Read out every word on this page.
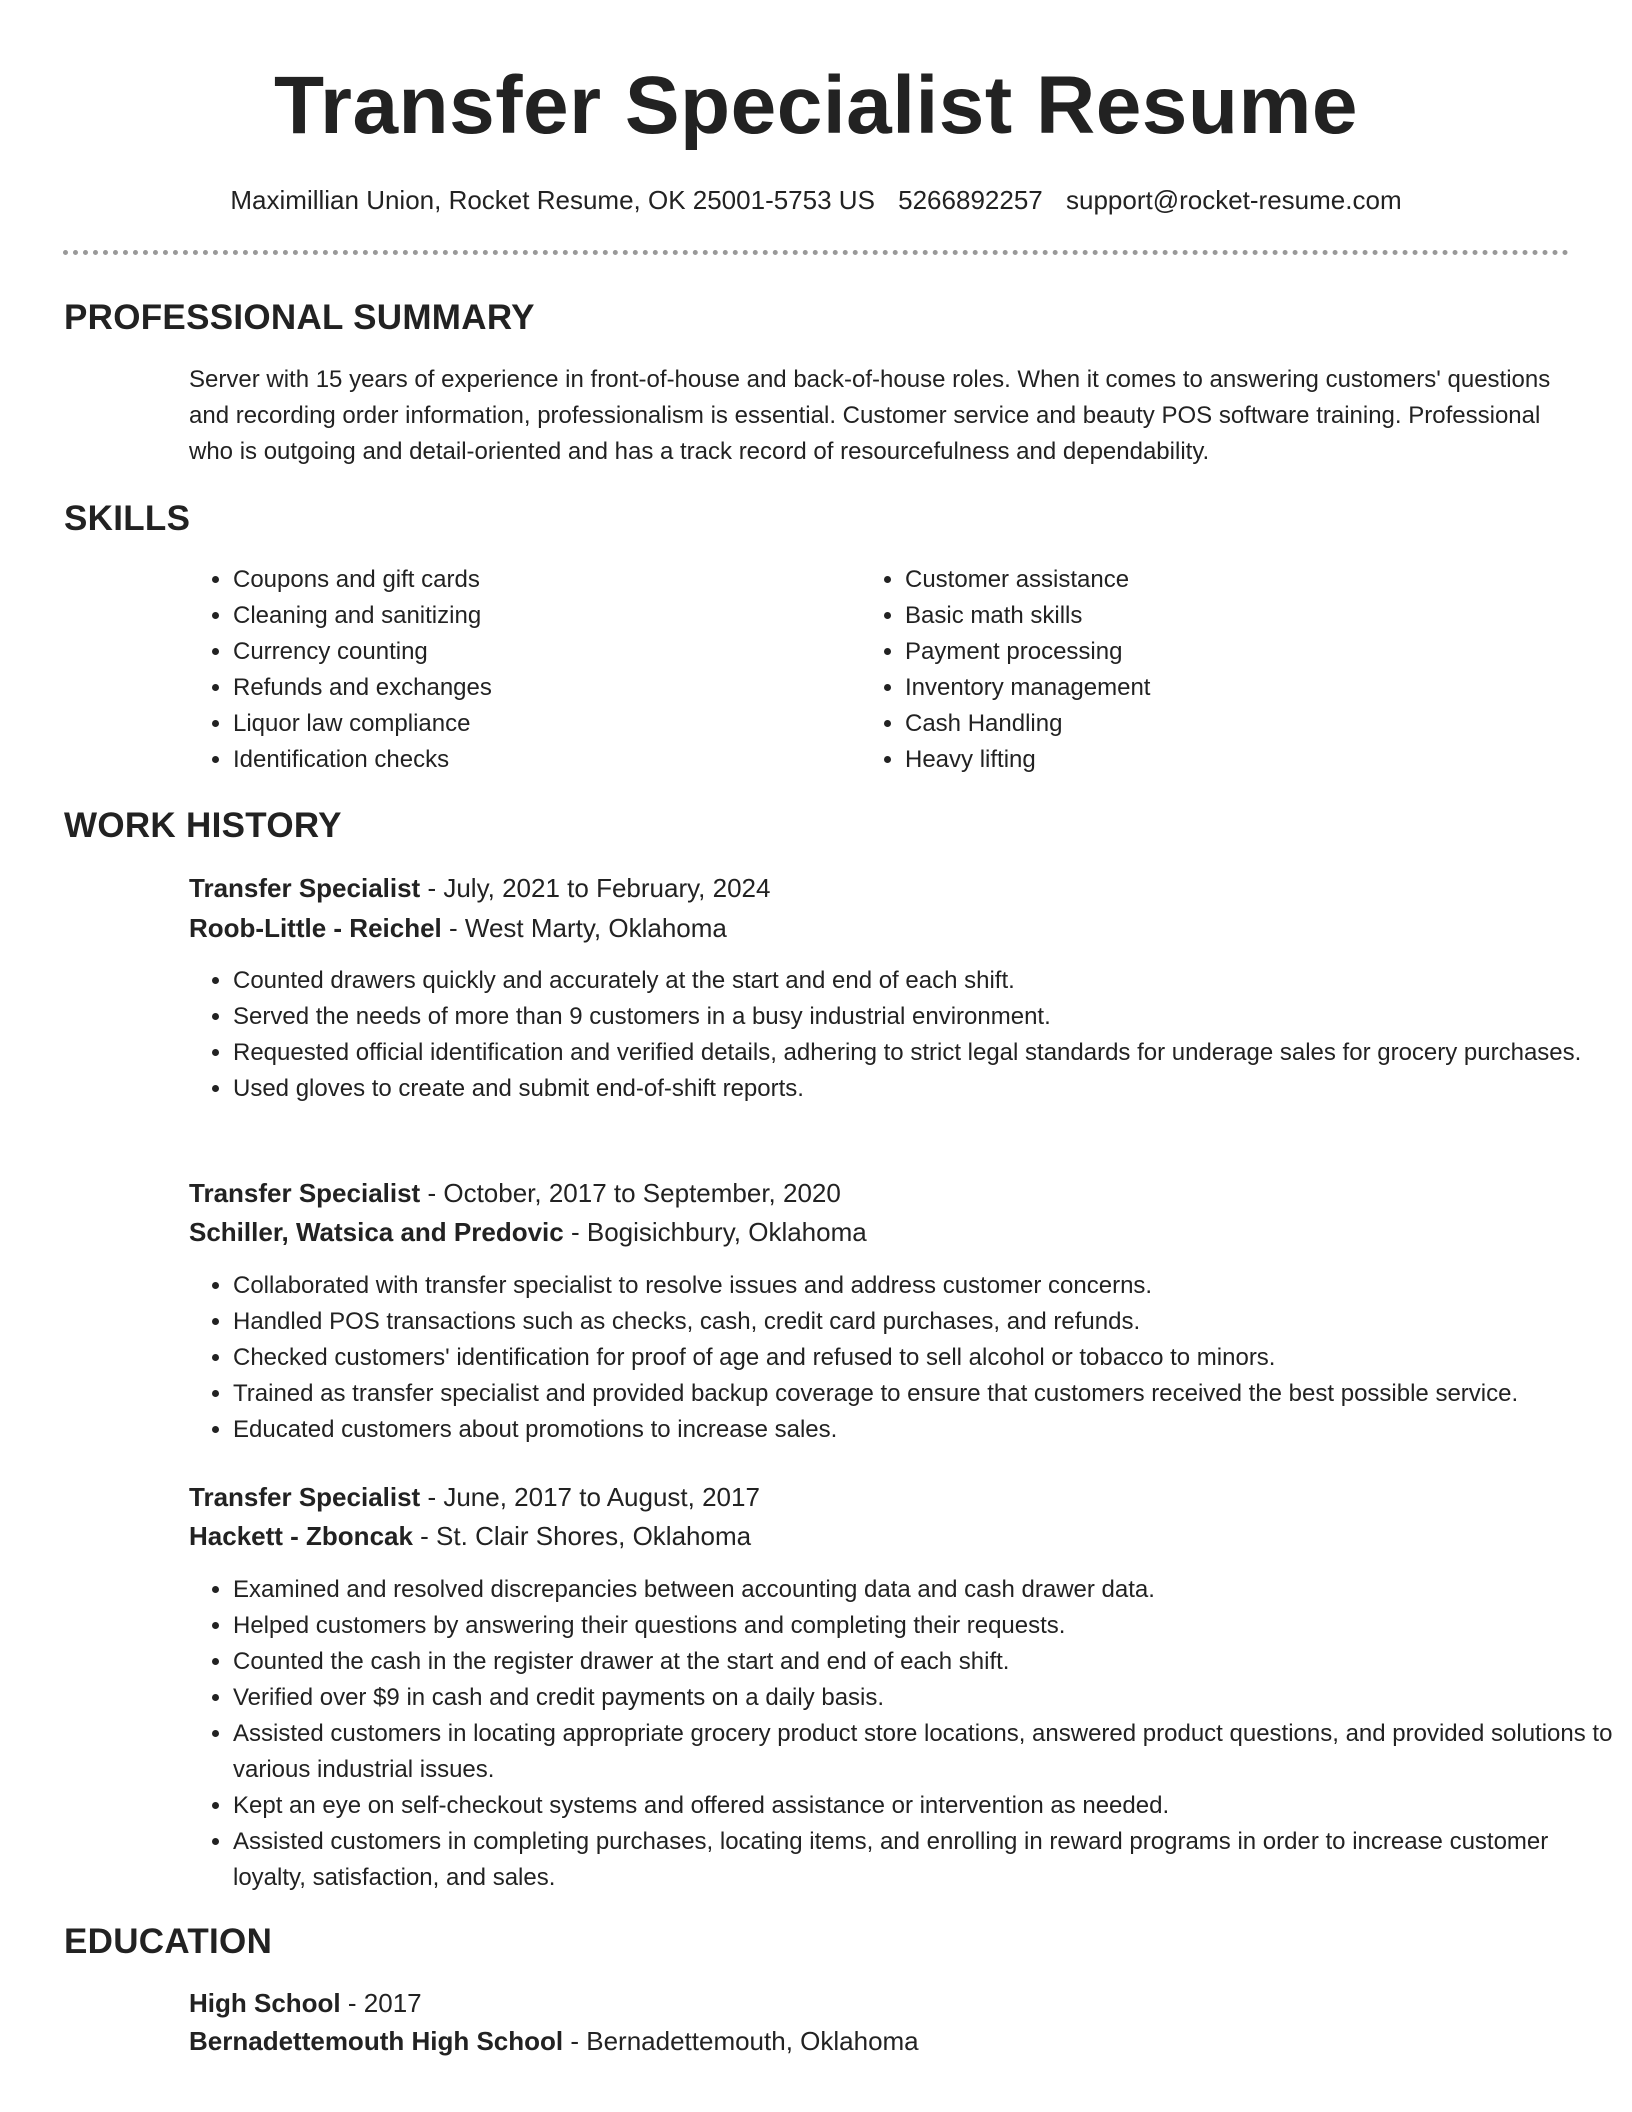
Transfer Specialist Resume
Maximillian Union, Rocket Resume, OK 25001-5753 US 5266892257 support@rocket-resume.com
PROFESSIONAL SUMMARY
Server with 15 years of experience in front-of-house and back-of-house roles. When it comes to answering customers' questions and recording order information, professionalism is essential. Customer service and beauty POS software training. Professional who is outgoing and detail-oriented and has a track record of resourcefulness and dependability.
SKILLS
• Coupons and gift cards
• Cleaning and sanitizing
• Currency counting
• Refunds and exchanges
• Liquor law compliance
• Identification checks
• Customer assistance
• Basic math skills
• Payment processing
• Inventory management
• Cash Handling
• Heavy lifting
WORK HISTORY
Transfer Specialist - July, 2021 to February, 2024
Roob-Little - Reichel - West Marty, Oklahoma
• Counted drawers quickly and accurately at the start and end of each shift.
• Served the needs of more than 9 customers in a busy industrial environment.
• Requested official identification and verified details, adhering to strict legal standards for underage sales for grocery purchases.
• Used gloves to create and submit end-of-shift reports.
Transfer Specialist - October, 2017 to September, 2020
Schiller, Watsica and Predovic - Bogisichbury, Oklahoma
• Collaborated with transfer specialist to resolve issues and address customer concerns.
• Handled POS transactions such as checks, cash, credit card purchases, and refunds.
• Checked customers' identification for proof of age and refused to sell alcohol or tobacco to minors.
• Trained as transfer specialist and provided backup coverage to ensure that customers received the best possible service.
• Educated customers about promotions to increase sales.
Transfer Specialist - June, 2017 to August, 2017
Hackett - Zboncak - St. Clair Shores, Oklahoma
• Examined and resolved discrepancies between accounting data and cash drawer data.
• Helped customers by answering their questions and completing their requests.
• Counted the cash in the register drawer at the start and end of each shift.
• Verified over $9 in cash and credit payments on a daily basis.
• Assisted customers in locating appropriate grocery product store locations, answered product questions, and provided solutions to various industrial issues.
• Kept an eye on self-checkout systems and offered assistance or intervention as needed.
• Assisted customers in completing purchases, locating items, and enrolling in reward programs in order to increase customer loyalty, satisfaction, and sales.
EDUCATION
High School - 2017
Bernadettemouth High School - Bernadettemouth, Oklahoma
